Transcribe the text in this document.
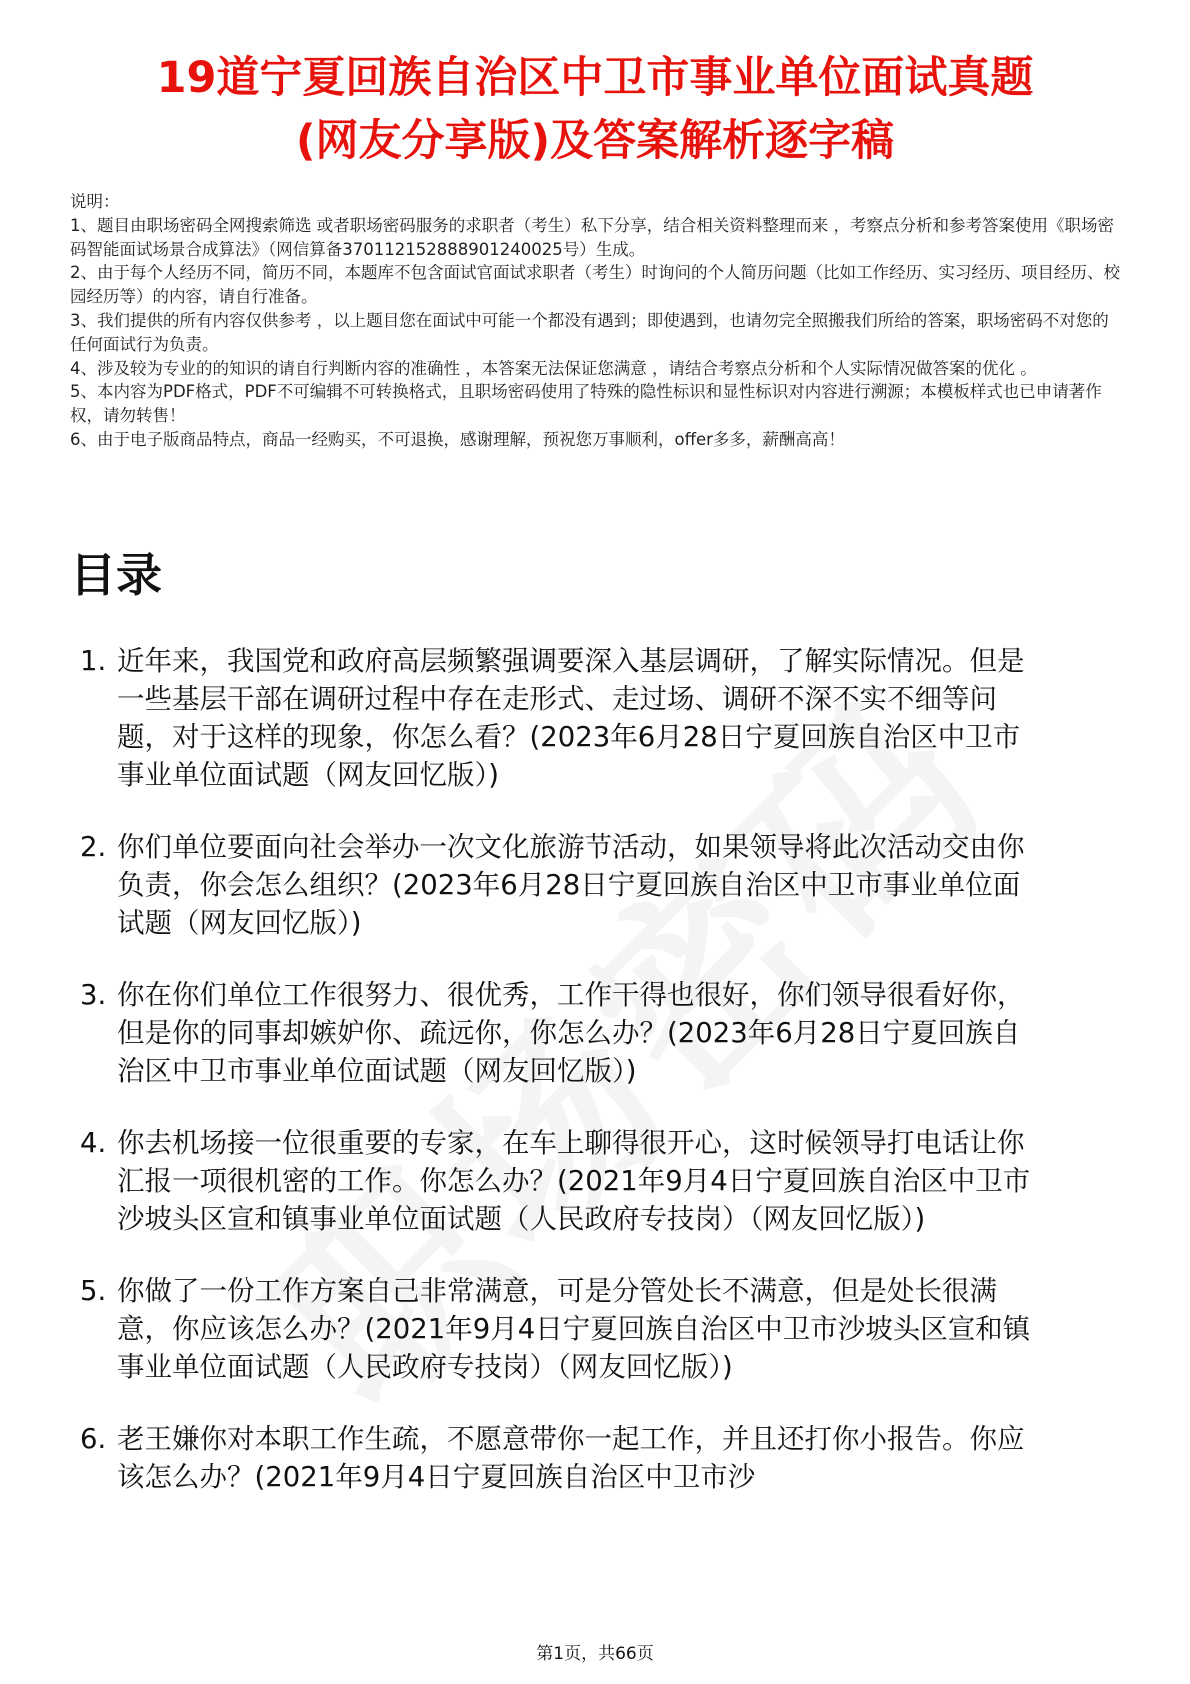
19道宁夏回族自治区中卫市事业单位面试真题
(网友分享版)及答案解析逐字稿

说明：

1、题目由职场密码全网搜索筛选 或者职场密码服务的求职者（考生）私下分享，结合相关资料整理而来 ，考察点分析和参考答案使用《职场密码智能面试场景合成算法》（网信算备37011215288890124​0025号）生成。

2、由于每个人经历不同，简历不同，本题库不包含面试官面试求职者（考生）时询问的个人简历问题（比如工作经历、实习经历、项目经历、校园经历等）的内容，请自行准备。

3、我们提供的所有内容仅供参考 ，以上题目您在面试中可能一个都没有遇到；即使遇到，也请勿完全照搬我们所给的答案，职场密码不对您的任何面试行为负责。

4、涉及较为专业的的知识的请自行判断内容的准确性 ，本答案无法保证您满意 ，请结合考察点分析和个人实际情况做答案的优化 。

5、本内容为PDF格式，PDF不可编辑不可转换格式，且职场密码使用了特殊的隐性标识和显性标识对内容进行溯源；本模板样式也已申请著作权，请勿转售！

6、由于电子版商品特点，商品一经购买，不可退换，感谢理解，预祝您万事顺利，offer多多，薪酬高高！

目录
1. 近年来，我国党和政府高层频繁强调要深入基层调研，了解实际情况。但是一些基层干部在调研过程中存在走形式、走过场、调研不深不实不细等问题，对于这样的现象，你怎么看？(2023年6月28日宁夏回族自治区中卫市事业单位面试题（网友回忆版）)
2. 你们单位要面向社会举办一次文化旅游节活动，如果领导将此次活动交由你负责，你会怎么组织？(2023年6月28日宁夏回族自治区中卫市事业单位面试题（网友回忆版）)
3. 你在你们单位工作很努力、很优秀，工作干得也很好，你们领导很看好你，但是你的同事却嫉妒你、疏远你，你怎么办？(2023年6月28日宁夏回族自治区中卫市事业单位面试题（网友回忆版）)
4. 你去机场接一位很重要的专家，在车上聊得很开心，这时候领导打电话让你汇报一项很机密的工作。你怎么办？(2021年9月4日宁夏回族自治区中卫市沙坡头区宣和镇事业单位面试题（人民政府专技岗）（网友回忆版）)
5. 你做了一份工作方案自己非常满意，可是分管处长不满意，但是处长很满意，你应该怎么办？(2021年9月4日宁夏回族自治区中卫市沙坡头区宣和镇事业单位面试题（人民政府专技岗）（网友回忆版）)
6. 老王嫌你对本职工作生疏，不愿意带你一起工作，并且还打你小报告。你应该怎么办？(2021年9月4日宁夏回族自治区中卫市沙
第1页，共66页
